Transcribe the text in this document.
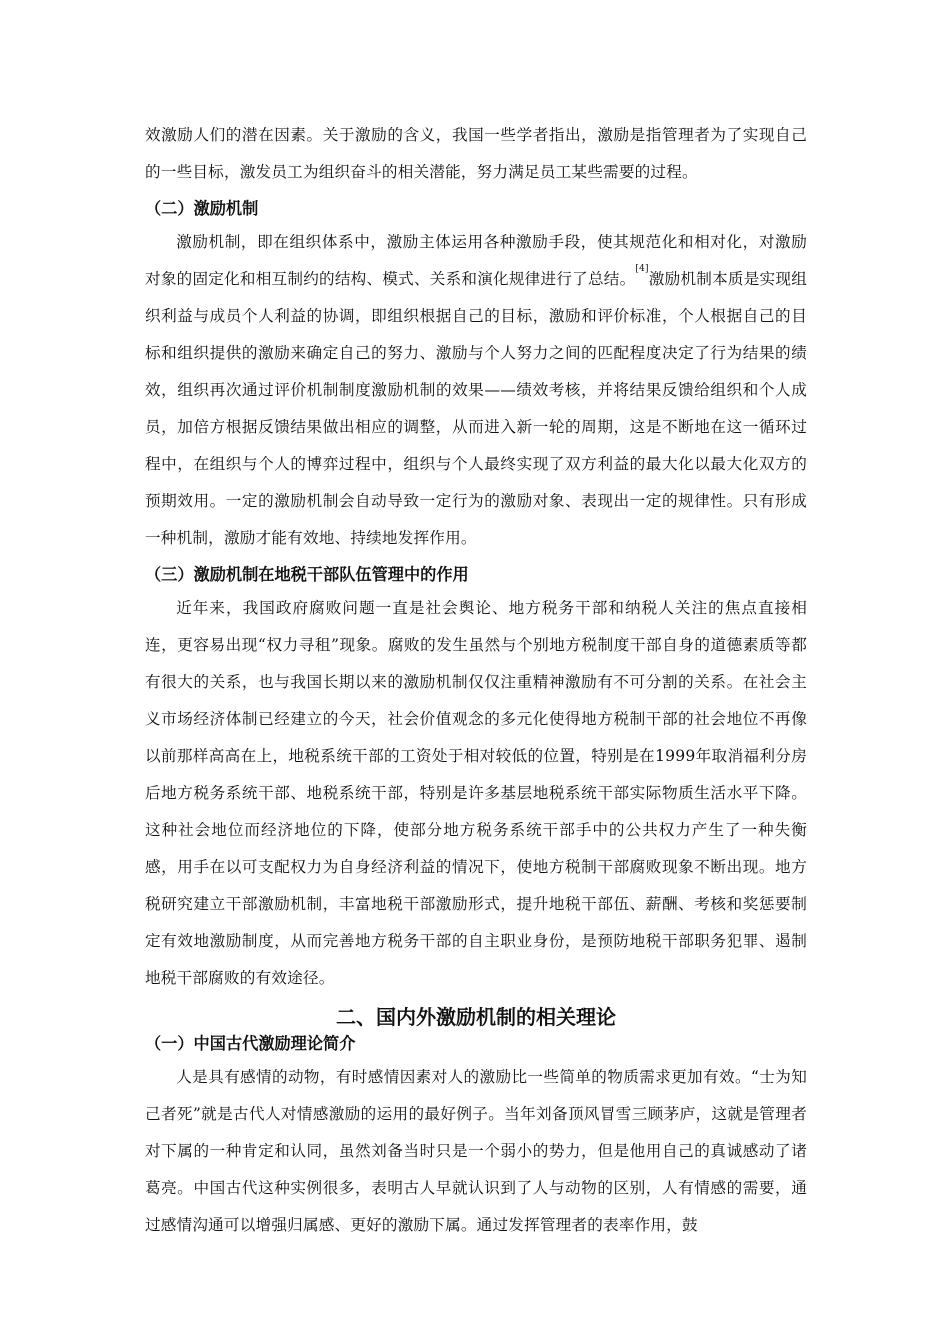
效激励人们的潜在因素。关于激励的含义，我国一些学者指出，激励是指管理者为了实现自己的一些目标，激发员工为组织奋斗的相关潜能，努力满足员工某些需要的过程。

（二）激励机制

激励机制，即在组织体系中，激励主体运用各种激励手段，使其规范化和相对化，对激励对象的固定化和相互制约的结构、模式、关系和演化规律进行了总结。[4]激励机制本质是实现组织利益与成员个人利益的协调，即组织根据自己的目标，激励和评价标准，个人根据自己的目标和组织提供的激励来确定自己的努力、激励与个人努力之间的匹配程度决定了行为结果的绩效，组织再次通过评价机制制度激励机制的效果——绩效考核，并将结果反馈给组织和个人成员，加倍方根据反馈结果做出相应的调整，从而进入新一轮的周期，这是不断地在这一循环过程中，在组织与个人的博弈过程中，组织与个人最终实现了双方利益的最大化以最大化双方的预期效用。一定的激励机制会自动导致一定行为的激励对象、表现出一定的规律性。只有形成一种机制，激励才能有效地、持续地发挥作用。

（三）激励机制在地税干部队伍管理中的作用

近年来，我国政府腐败问题一直是社会舆论、地方税务干部和纳税人关注的焦点直接相连，更容易出现“权力寻租”现象。腐败的发生虽然与个别地方税制度干部自身的道德素质等都有很大的关系，也与我国长期以来的激励机制仅仅注重精神激励有不可分割的关系。在社会主义市场经济体制已经建立的今天，社会价值观念的多元化使得地方税制干部的社会地位不再像以前那样高高在上，地税系统干部的工资处于相对较低的位置，特别是在1999年取消福利分房后地方税务系统干部、地税系统干部，特别是许多基层地税系统干部实际物质生活水平下降。这种社会地位而经济地位的下降，使部分地方税务系统干部手中的公共权力产生了一种失衡感，用手在以可支配权力为自身经济利益的情况下，使地方税制干部腐败现象不断出现。地方税研究建立干部激励机制，丰富地税干部激励形式，提升地税干部伍、薪酬、考核和奖惩要制定有效地激励制度，从而完善地方税务干部的自主职业身份，是预防地税干部职务犯罪、遏制地税干部腐败的有效途径。

二、国内外激励机制的相关理论
（一）中国古代激励理论简介

人是具有感情的动物，有时感情因素对人的激励比一些简单的物质需求更加有效。“士为知己者死”就是古代人对情感激励的运用的最好例子。当年刘备顶风冒雪三顾茅庐，这就是管理者对下属的一种肯定和认同，虽然刘备当时只是一个弱小的势力，但是他用自己的真诚感动了诸葛亮。中国古代这种实例很多，表明古人早就认识到了人与动物的区别，人有情感的需要，通过感情沟通可以增强归属感、更好的激励下属。通过发挥管理者的表率作用，鼓
